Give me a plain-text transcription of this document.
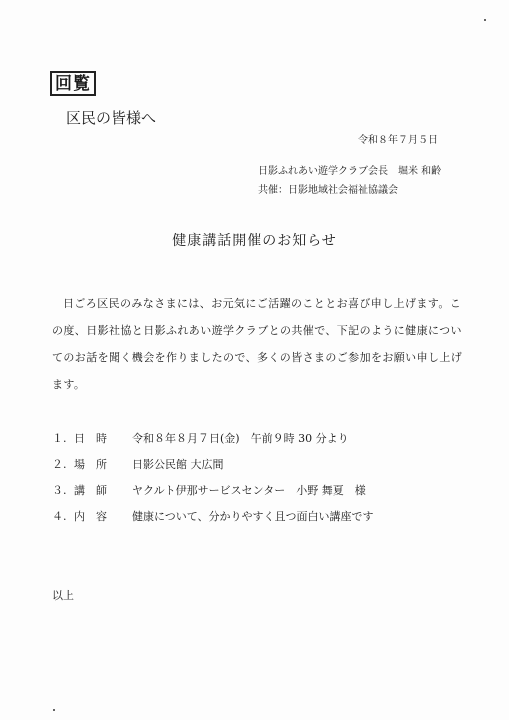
回覧
区民の皆様へ
令和８年７月５日
日影ふれあい遊学クラブ会長　堀米 和齢
共催：日影地域社会福祉協議会
健康講話開催のお知らせ
日ごろ区民のみなさまには、お元気にご活躍のこととお喜び申し上げます。この度、日影社協と日影ふれあい遊学クラブとの共催で、下記のように健康についてのお話を聞く機会を作りましたので、多くの皆さまのご参加をお願い申し上げます。
１. 日　時	令和８年８月７日(金)　午前９時 30 分より
２. 場　所	日影公民館 大広間
３. 講　師	ヤクルト伊那サービスセンター　小野 舞夏　様
４. 内　容	健康について、分かりやすく且つ面白い講座です
以上
